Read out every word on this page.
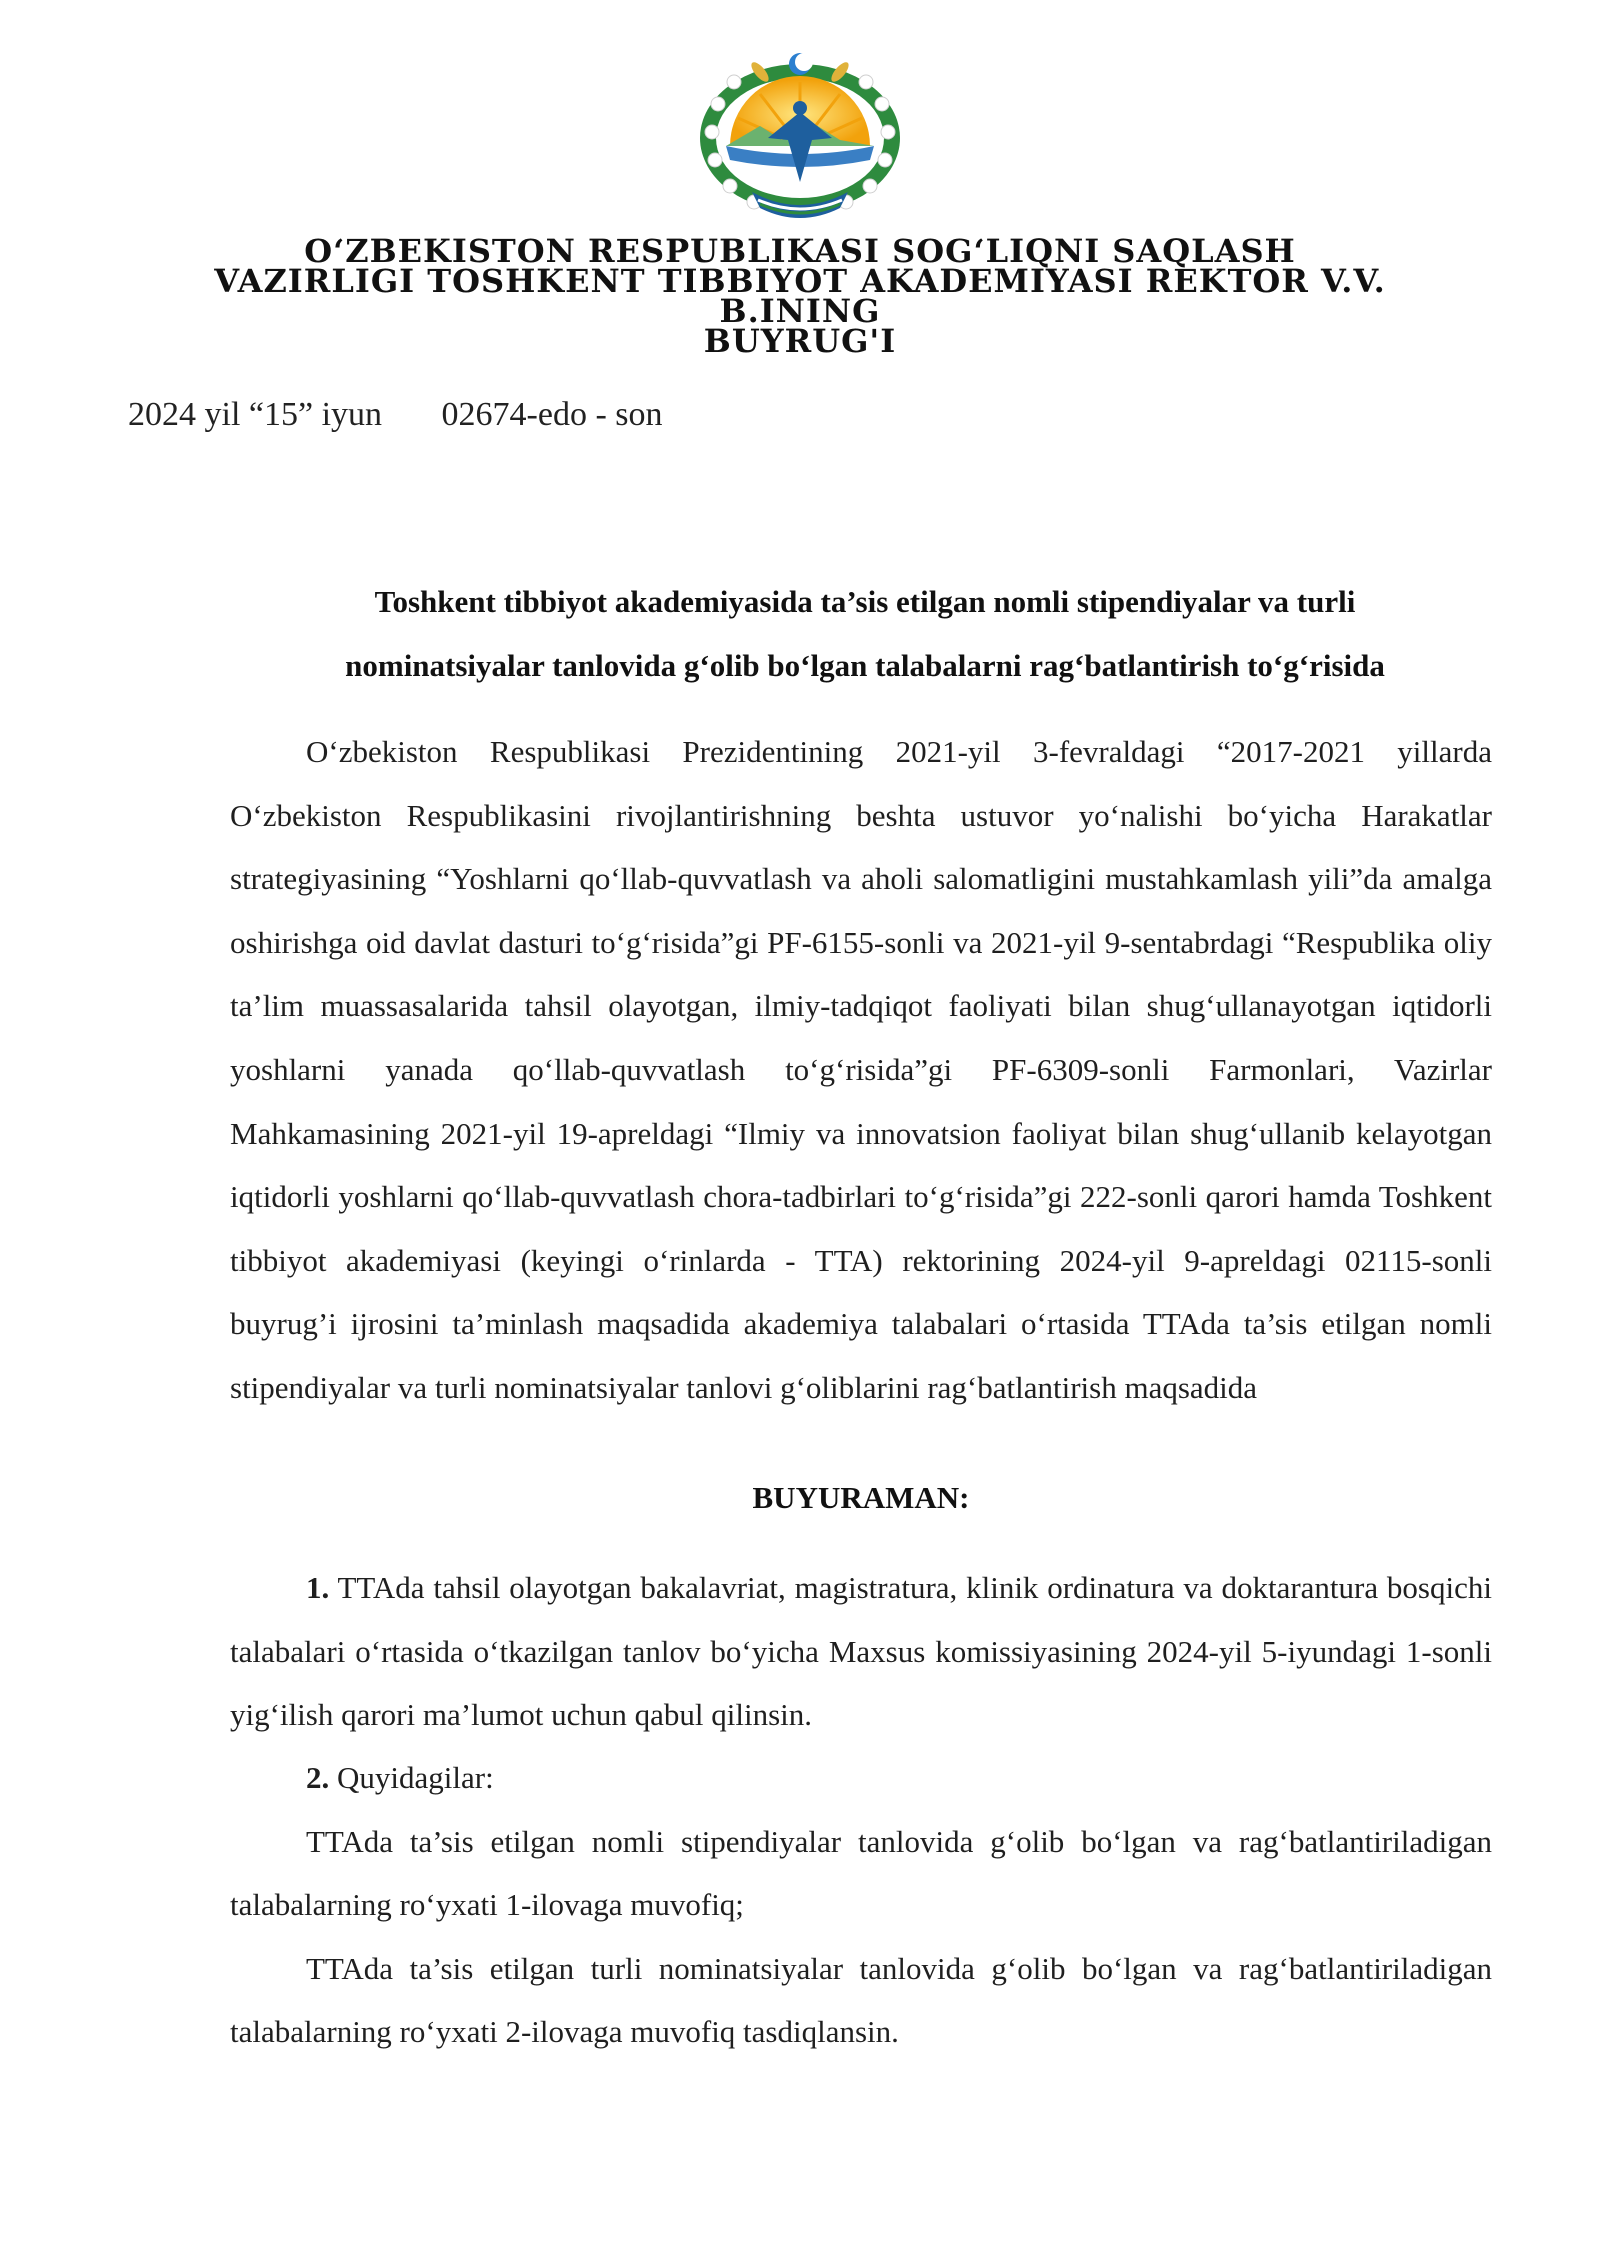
O‘ZBEKISTON RESPUBLIKASI SOG‘LIQNI SAQLASH
VAZIRLIGI TOSHKENT TIBBIYOT AKADEMIYASI REKTOR V.V.
B.INING
BUYRUG'I
2024 yil “15” iyun 02674-edo - son
Toshkent tibbiyot akademiyasida ta’sis etilgan nomli stipendiyalar va turli
nominatsiyalar tanlovida g‘olib bo‘lgan talabalarni rag‘batlantirish to‘g‘risida

O‘zbekiston Respublikasi Prezidentining 2021-yil 3-fevraldagi “2017-2021 yillarda O‘zbekiston Respublikasini rivojlantirishning beshta ustuvor yo‘nalishi bo‘yicha Harakatlar strategiyasining “Yoshlarni qo‘llab-quvvatlash va aholi salomatligini mustahkamlash yili”da amalga oshirishga oid davlat dasturi to‘g‘risida”gi PF-6155-sonli va 2021-yil 9-sentabrdagi “Respublika oliy ta’lim muassasalarida tahsil olayotgan, ilmiy-tadqiqot faoliyati bilan shug‘ullanayotgan iqtidorli yoshlarni yanada qo‘llab-quvvatlash to‘g‘risida”gi PF-6309-sonli Farmonlari, Vazirlar Mahkamasining 2021-yil 19-apreldagi “Ilmiy va innovatsion faoliyat bilan shug‘ullanib kelayotgan iqtidorli yoshlarni qo‘llab-quvvatlash chora-tadbirlari to‘g‘risida”gi 222-sonli qarori hamda Toshkent tibbiyot akademiyasi (keyingi o‘rinlarda - TTA) rektorining 2024-yil 9-apreldagi 02115-sonli buyrug’i ijrosini ta’minlash maqsadida akademiya talabalari o‘rtasida TTAda ta’sis etilgan nomli stipendiyalar va turli nominatsiyalar tanlovi g‘oliblarini rag‘batlantirish maqsadida

BUYURAMAN:

1. TTAda tahsil olayotgan bakalavriat, magistratura, klinik ordinatura va doktarantura bosqichi talabalari o‘rtasida o‘tkazilgan tanlov bo‘yicha Maxsus komissiyasining 2024-yil 5-iyundagi 1-sonli yig‘ilish qarori ma’lumot uchun qabul qilinsin.

2. Quyidagilar:

TTAda ta’sis etilgan nomli stipendiyalar tanlovida g‘olib bo‘lgan va rag‘batlantiriladigan talabalarning ro‘yxati 1-ilovaga muvofiq;

TTAda ta’sis etilgan turli nominatsiyalar tanlovida g‘olib bo‘lgan va rag‘batlantiriladigan talabalarning ro‘yxati 2-ilovaga muvofiq tasdiqlansin.
